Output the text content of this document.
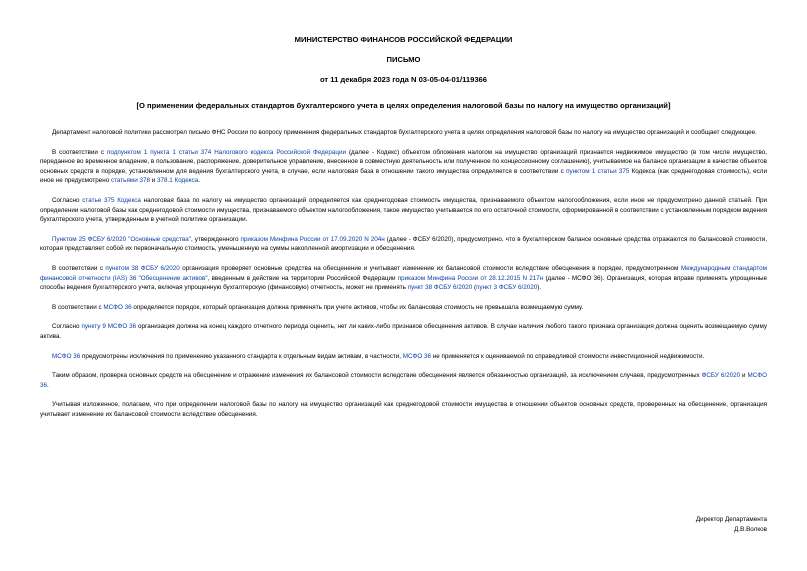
МИНИСТЕРСТВО ФИНАНСОВ РОССИЙСКОЙ ФЕДЕРАЦИИ
ПИСЬМО
от 11 декабря 2023 года N 03-05-04-01/119366
[О применении федеральных стандартов бухгалтерского учета в целях определения налоговой базы по налогу на имущество организаций]

Департамент налоговой политики рассмотрел письмо ФНС России по вопросу применения федеральных стандартов бухгалтерского учета в целях определения налоговой базы по налогу на имущество организаций и сообщает следующее.

В соответствии с подпунктом 1 пункта 1 статьи 374 Налогового кодекса Российской Федерации (далее - Кодекс) объектом обложения налогом на имущество организаций признается недвижимое имущество (в том числе имущество, переданное во временное владение, в пользование, распоряжение, доверительное управление, внесенное в совместную деятельность или полученное по концессионному соглашению), учитываемое на балансе организации в качестве объектов основных средств в порядке, установленном для ведения бухгалтерского учета, в случае, если налоговая база в отношении такого имущества определяется в соответствии с пунктом 1 статьи 375 Кодекса (как среднегодовая стоимость), если иное не предусмотрено статьями 378 и 378.1 Кодекса.

Согласно статье 375 Кодекса налоговая база по налогу на имущество организаций определяется как среднегодовая стоимость имущества, признаваемого объектом налогообложения, если иное не предусмотрено данной статьей. При определении налоговой базы как среднегодовой стоимости имущества, признаваемого объектом налогообложения, такое имущество учитывается по его остаточной стоимости, сформированной в соответствии с установленным порядком ведения бухгалтерского учета, утвержденным в учетной политике организации.

Пунктом 25 ФСБУ 6/2020 "Основные средства", утвержденного приказом Минфина России от 17.09.2020 N 204н (далее - ФСБУ 6/2020), предусмотрено, что в бухгалтерском балансе основные средства отражаются по балансовой стоимости, которая представляет собой их первоначальную стоимость, уменьшенную на суммы накопленной амортизации и обесценения.

В соответствии с пунктом 38 ФСБУ 6/2020 организация проверяет основные средства на обесценение и учитывает изменение их балансовой стоимости вследствие обесценения в порядке, предусмотренном Международным стандартом финансовой отчетности (IAS) 36 "Обесценение активов", введенным в действие на территории Российской Федерации приказом Минфина России от 28.12.2015 N 217н (далее - МСФО 36). Организация, которая вправе применять упрощенные способы ведения бухгалтерского учета, включая упрощенную бухгалтерскую (финансовую) отчетность, может не применять пункт 38 ФСБУ 6/2020 (пункт 3 ФСБУ 6/2020).

В соответствии с МСФО 36 определяется порядок, который организация должна применять при учете активов, чтобы их балансовая стоимость не превышала возмещаемую сумму.

Согласно пункту 9 МСФО 36 организация должна на конец каждого отчетного периода оценить, нет ли каких-либо признаков обесценения активов. В случае наличия любого такого признака организация должна оценить возмещаемую сумму актива.

МСФО 36 предусмотрены исключения по применению указанного стандарта к отдельным видам активам, в частности, МСФО 36 не применяется к оцениваемой по справедливой стоимости инвестиционной недвижимости.

Таким образом, проверка основных средств на обесценение и отражение изменения их балансовой стоимости вследствие обесценения является обязанностью организаций, за исключением случаев, предусмотренных ФСБУ 6/2020 и МСФО 36.

Учитывая изложенное, полагаем, что при определении налоговой базы по налогу на имущество организаций как среднегодовой стоимости имущества в отношении объектов основных средств, проверенных на обесценение, организация учитывает изменение их балансовой стоимости вследствие обесценения.

Директор Департамента
Д.В.Волков
